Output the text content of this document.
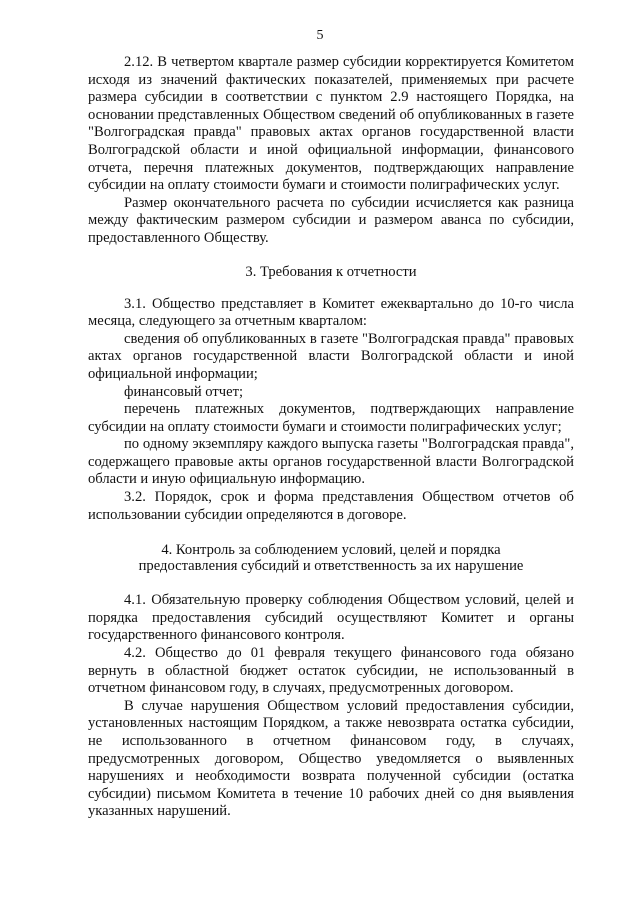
5

2.12. В четвертом квартале размер субсидии корректируется Комитетом исходя из значений фактических показателей, применяемых при расчете размера субсидии в соответствии с пунктом 2.9 настоящего Порядка, на основании представленных Обществом сведений об опубликованных в газете "Волгоградская правда" правовых актах органов государственной власти Волгоградской области и иной официальной информации, финансового отчета, перечня платежных документов, подтверждающих направление субсидии на оплату стоимости бумаги и стоимости полиграфических услуг.

Размер окончательного расчета по субсидии исчисляется как разница между фактическим размером субсидии и размером аванса по субсидии, предоставленного Обществу.

3. Требования к отчетности

3.1. Общество представляет в Комитет ежеквартально до 10-го числа месяца, следующего за отчетным кварталом:

сведения об опубликованных в газете "Волгоградская правда" правовых актах органов государственной власти Волгоградской области и иной официальной информации;

финансовый отчет;

перечень платежных документов, подтверждающих направление субсидии на оплату стоимости бумаги и стоимости полиграфических услуг;

по одному экземпляру каждого выпуска газеты "Волгоградская правда", содержащего правовые акты органов государственной власти Волгоградской области и иную официальную информацию.

3.2. Порядок, срок и форма представления Обществом отчетов об использовании субсидии определяются в договоре.

4. Контроль за соблюдением условий, целей и порядка
предоставления субсидий и ответственность за их нарушение

4.1. Обязательную проверку соблюдения Обществом условий, целей и порядка предоставления субсидий осуществляют Комитет и органы государственного финансового контроля.

4.2. Общество до 01 февраля текущего финансового года обязано вернуть в областной бюджет остаток субсидии, не использованный в отчетном финансовом году, в случаях, предусмотренных договором.

В случае нарушения Обществом условий предоставления субсидии, установленных настоящим Порядком, а также невозврата остатка субсидии, не использованного в отчетном финансовом году, в случаях, предусмотренных договором, Общество уведомляется о выявленных нарушениях и необходимости возврата полученной субсидии (остатка субсидии) письмом Комитета в течение 10 рабочих дней со дня выявления указанных нарушений.
